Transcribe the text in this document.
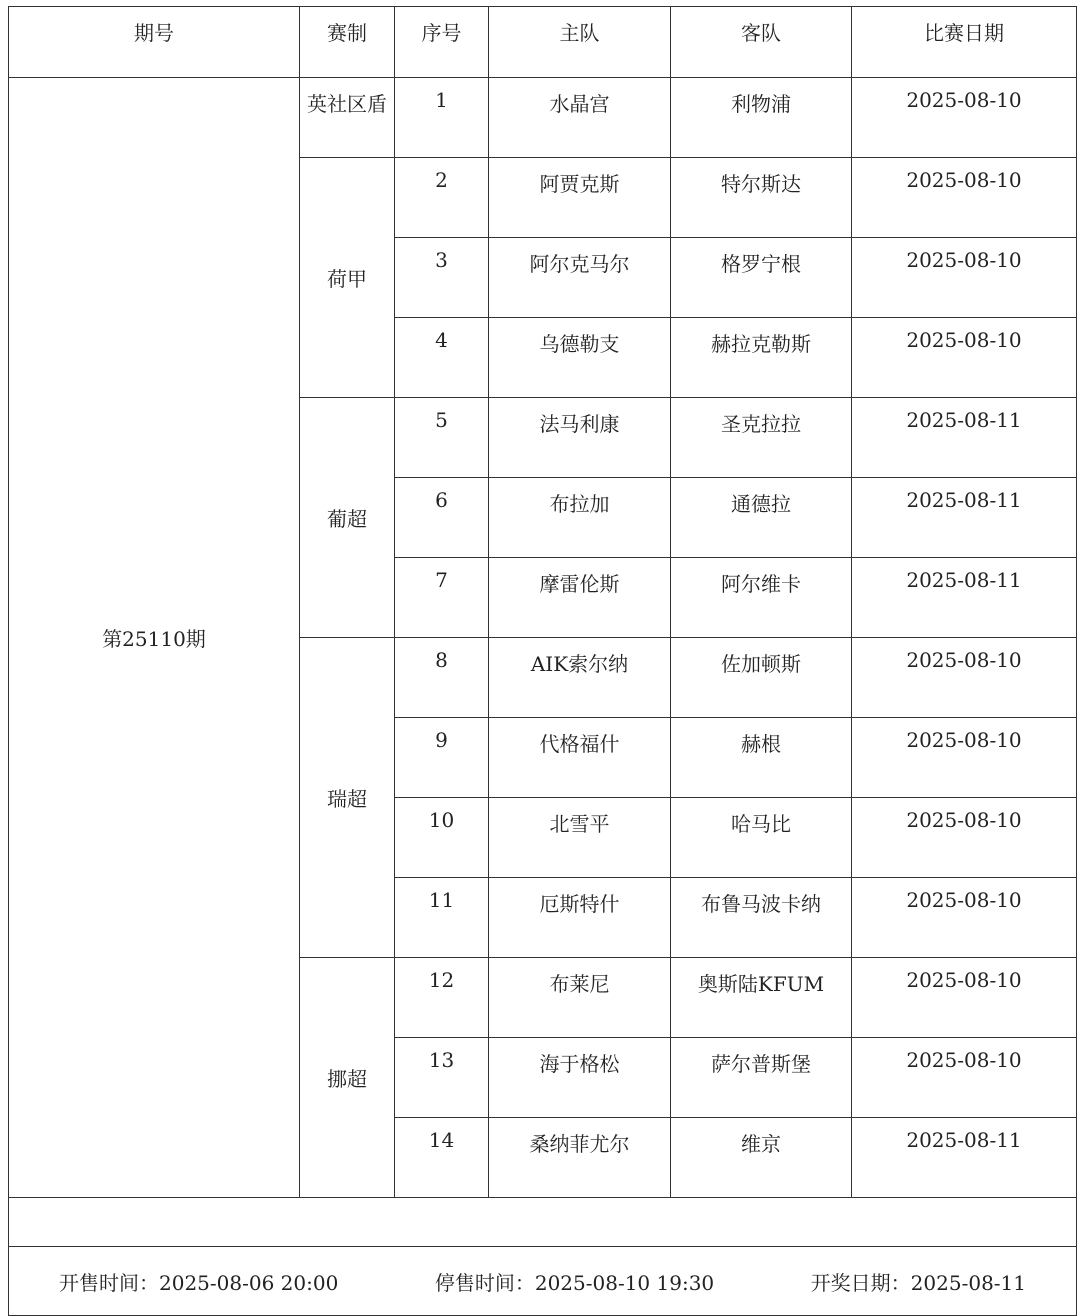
期号	赛制	序号	主队	客队	比赛日期
第25110期	英社区盾	1	水晶宫	利物浦	2025-08-10
	荷甲	2	阿贾克斯	特尔斯达	2025-08-10
		3	阿尔克马尔	格罗宁根	2025-08-10
		4	乌德勒支	赫拉克勒斯	2025-08-10
	葡超	5	法马利康	圣克拉拉	2025-08-11
		6	布拉加	通德拉	2025-08-11
		7	摩雷伦斯	阿尔维卡	2025-08-11
	瑞超	8	AIK索尔纳	佐加顿斯	2025-08-10
		9	代格福什	赫根	2025-08-10
		10	北雪平	哈马比	2025-08-10
		11	厄斯特什	布鲁马波卡纳	2025-08-10
	挪超	12	布莱尼	奥斯陆KFUM	2025-08-10
		13	海于格松	萨尔普斯堡	2025-08-10
		14	桑纳菲尤尔	维京	2025-08-11

开售时间：2025-08-06 20:00 停售时间：2025-08-10 19:30 开奖日期：2025-08-11					
